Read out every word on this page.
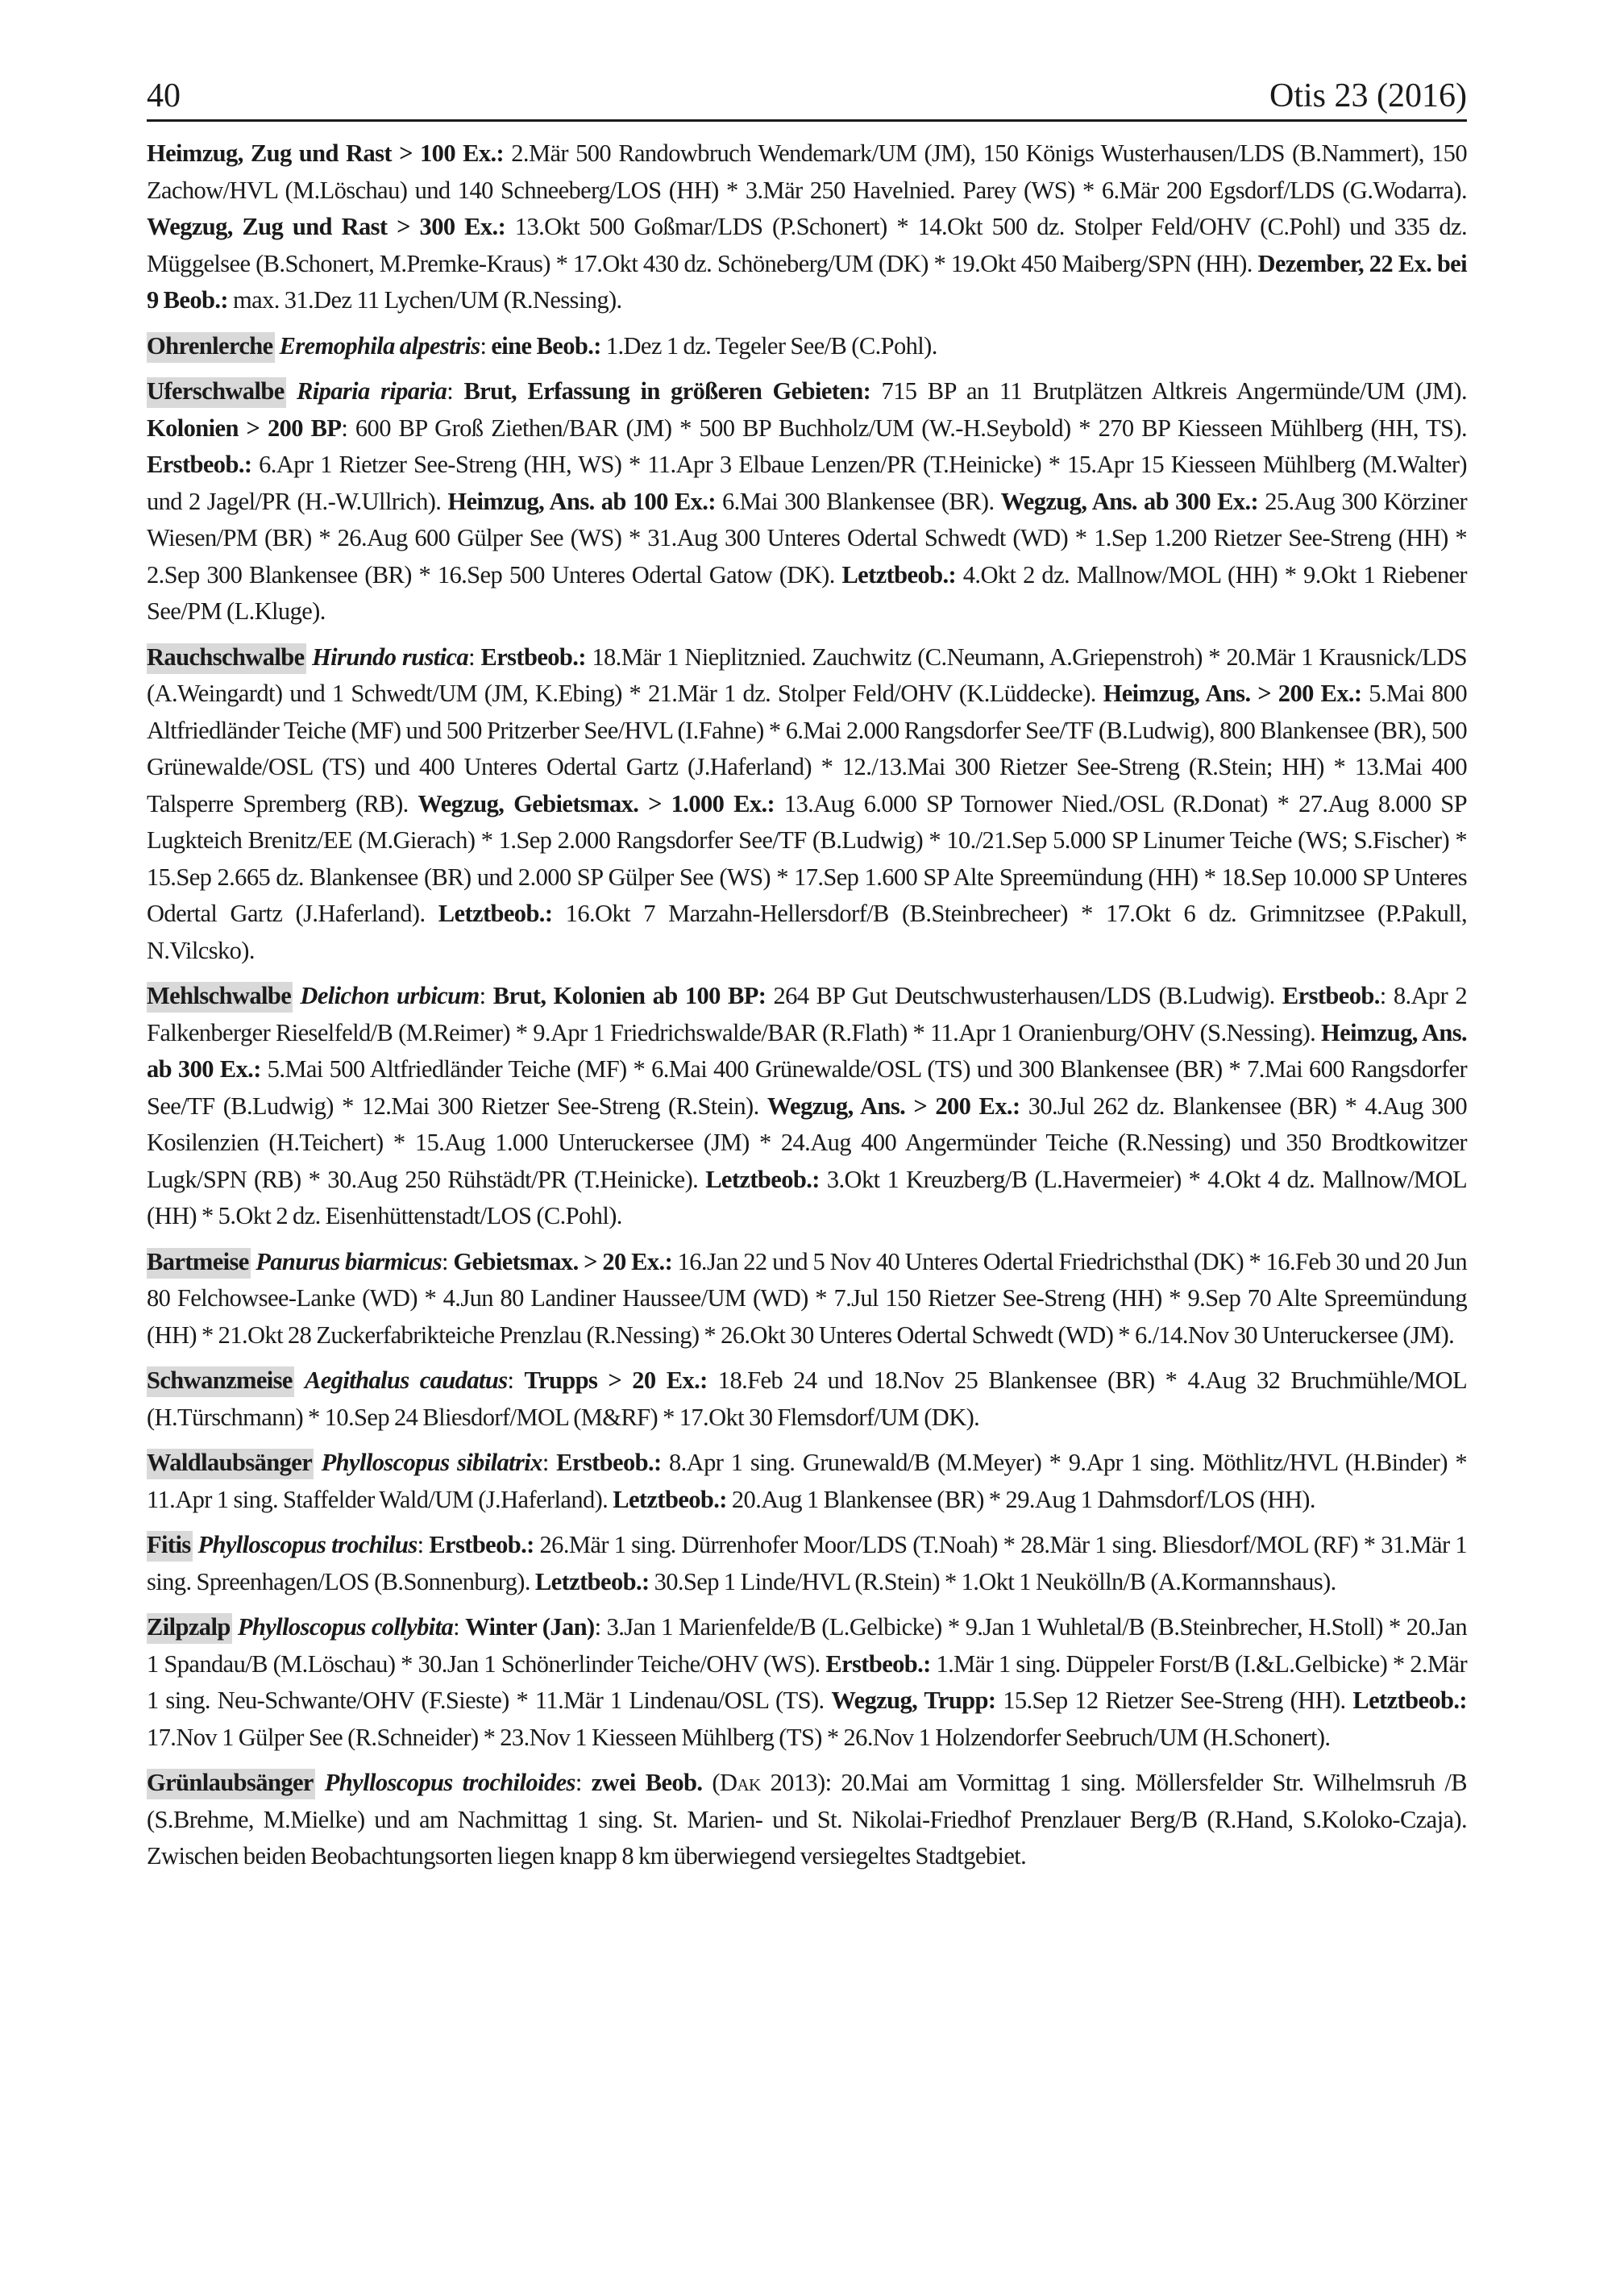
40	Otis 23 (2016)

Heimzug, Zug und Rast > 100 Ex.: 2.Mär 500 Randowbruch Wendemark/UM (JM), 150 Königs Wusterhausen/LDS (B.Nammert), 150 Zachow/HVL (M.Löschau) und 140 Schneeberg/LOS (HH) * 3.Mär 250 Havelnied. Parey (WS) * 6.Mär 200 Egsdorf/LDS (G.Wodarra). Wegzug, Zug und Rast > 300 Ex.: 13.Okt 500 Goßmar/LDS (P.Schonert) * 14.Okt 500 dz. Stolper Feld/OHV (C.Pohl) und 335 dz. Müggelsee (B.Schonert, M.Premke-Kraus) * 17.Okt 430 dz. Schöneberg/UM (DK) * 19.Okt 450 Maiberg/SPN (HH). Dezember, 22 Ex. bei 9 Beob.: max. 31.Dez 11 Lychen/UM (R.Nessing).

Ohrenlerche Eremophila alpestris: eine Beob.: 1.Dez 1 dz. Tegeler See/B (C.Pohl).

Uferschwalbe Riparia riparia: Brut, Erfassung in größeren Gebieten: 715 BP an 11 Brutplätzen Altkreis Angermünde/UM (JM). Kolonien > 200 BP: 600 BP Groß Ziethen/BAR (JM) * 500 BP Buchholz/UM (W.-H.Seybold) * 270 BP Kiesseen Mühlberg (HH, TS). Erstbeob.: 6.Apr 1 Rietzer See-Streng (HH, WS) * 11.Apr 3 Elbaue Lenzen/PR (T.Heinicke) * 15.Apr 15 Kiesseen Mühlberg (M.Walter) und 2 Jagel/PR (H.-W.Ullrich). Heimzug, Ans. ab 100 Ex.: 6.Mai 300 Blankensee (BR). Wegzug, Ans. ab 300 Ex.: 25.Aug 300 Körziner Wiesen/PM (BR) * 26.Aug 600 Gülper See (WS) * 31.Aug 300 Unteres Odertal Schwedt (WD) * 1.Sep 1.200 Rietzer See-Streng (HH) * 2.Sep 300 Blankensee (BR) * 16.Sep 500 Unteres Odertal Gatow (DK). Letztbeob.: 4.Okt 2 dz. Mallnow/MOL (HH) * 9.Okt 1 Riebener See/PM (L.Kluge).

Rauchschwalbe Hirundo rustica: Erstbeob.: 18.Mär 1 Nieplitznied. Zauchwitz (C.Neumann, A.Griepenstroh) * 20.Mär 1 Krausnick/LDS (A.Weingardt) und 1 Schwedt/UM (JM, K.Ebing) * 21.Mär 1 dz. Stolper Feld/OHV (K.Lüddecke). Heimzug, Ans. > 200 Ex.: 5.Mai 800 Altfriedländer Teiche (MF) und 500 Pritzerber See/HVL (I.Fahne) * 6.Mai 2.000 Rangsdorfer See/TF (B.Ludwig), 800 Blankensee (BR), 500 Grünewalde/OSL (TS) und 400 Unteres Odertal Gartz (J.Haferland) * 12./13.Mai 300 Rietzer See-Streng (R.Stein; HH) * 13.Mai 400 Talsperre Spremberg (RB). Wegzug, Gebietsmax. > 1.000 Ex.: 13.Aug 6.000 SP Tornower Nied./OSL (R.Donat) * 27.Aug 8.000 SP Lugkteich Brenitz/EE (M.Gierach) * 1.Sep 2.000 Rangsdorfer See/TF (B.Ludwig) * 10./21.Sep 5.000 SP Linumer Teiche (WS; S.Fischer) * 15.Sep 2.665 dz. Blankensee (BR) und 2.000 SP Gülper See (WS) * 17.Sep 1.600 SP Alte Spreemündung (HH) * 18.Sep 10.000 SP Unteres Odertal Gartz (J.Haferland). Letztbeob.: 16.Okt 7 Marzahn-Hellersdorf/B (B.Steinbrecheer) * 17.Okt 6 dz. Grimnitzsee (P.Pakull, N.Vilcsko).

Mehlschwalbe Delichon urbicum: Brut, Kolonien ab 100 BP: 264 BP Gut Deutschwusterhausen/LDS (B.Ludwig). Erstbeob.: 8.Apr 2 Falkenberger Rieselfeld/B (M.Reimer) * 9.Apr 1 Friedrichswalde/BAR (R.Flath) * 11.Apr 1 Oranienburg/OHV (S.Nessing). Heimzug, Ans. ab 300 Ex.: 5.Mai 500 Altfriedländer Teiche (MF) * 6.Mai 400 Grünewalde/OSL (TS) und 300 Blankensee (BR) * 7.Mai 600 Rangsdorfer See/TF (B.Ludwig) * 12.Mai 300 Rietzer See-Streng (R.Stein). Wegzug, Ans. > 200 Ex.: 30.Jul 262 dz. Blankensee (BR) * 4.Aug 300 Kosilenzien (H.Teichert) * 15.Aug 1.000 Unteruckersee (JM) * 24.Aug 400 Angermünder Teiche (R.Nessing) und 350 Brodtkowitzer Lugk/SPN (RB) * 30.Aug 250 Rühstädt/PR (T.Heinicke). Letztbeob.: 3.Okt 1 Kreuzberg/B (L.Havermeier) * 4.Okt 4 dz. Mallnow/MOL (HH) * 5.Okt 2 dz. Eisenhüttenstadt/LOS (C.Pohl).

Bartmeise Panurus biarmicus: Gebietsmax. > 20 Ex.: 16.Jan 22 und 5 Nov 40 Unteres Odertal Friedrichsthal (DK) * 16.Feb 30 und 20 Jun 80 Felchowsee-Lanke (WD) * 4.Jun 80 Landiner Haussee/UM (WD) * 7.Jul 150 Rietzer See-Streng (HH) * 9.Sep 70 Alte Spreemündung (HH) * 21.Okt 28 Zuckerfabrikteiche Prenzlau (R.Nessing) * 26.Okt 30 Unteres Odertal Schwedt (WD) * 6./14.Nov 30 Unteruckersee (JM).

Schwanzmeise Aegithalus caudatus: Trupps > 20 Ex.: 18.Feb 24 und 18.Nov 25 Blankensee (BR) * 4.Aug 32 Bruchmühle/MOL (H.Türschmann) * 10.Sep 24 Bliesdorf/MOL (M&RF) * 17.Okt 30 Flemsdorf/UM (DK).

Waldlaubsänger Phylloscopus sibilatrix: Erstbeob.: 8.Apr 1 sing. Grunewald/B (M.Meyer) * 9.Apr 1 sing. Möthlitz/HVL (H.Binder) * 11.Apr 1 sing. Staffelder Wald/UM (J.Haferland). Letztbeob.: 20.Aug 1 Blankensee (BR) * 29.Aug 1 Dahmsdorf/LOS (HH).

Fitis Phylloscopus trochilus: Erstbeob.: 26.Mär 1 sing. Dürrenhofer Moor/LDS (T.Noah) * 28.Mär 1 sing. Bliesdorf/MOL (RF) * 31.Mär 1 sing. Spreenhagen/LOS (B.Sonnenburg). Letztbeob.: 30.Sep 1 Linde/HVL (R.Stein) * 1.Okt 1 Neukölln/B (A.Kormannshaus).

Zilpzalp Phylloscopus collybita: Winter (Jan): 3.Jan 1 Marienfelde/B (L.Gelbicke) * 9.Jan 1 Wuhletal/B (B.Steinbrecher, H.Stoll) * 20.Jan 1 Spandau/B (M.Löschau) * 30.Jan 1 Schönerlinder Teiche/OHV (WS). Erstbeob.: 1.Mär 1 sing. Düppeler Forst/B (I.&L.Gelbicke) * 2.Mär 1 sing. Neu-Schwante/OHV (F.Sieste) * 11.Mär 1 Lindenau/OSL (TS). Wegzug, Trupp: 15.Sep 12 Rietzer See-Streng (HH). Letztbeob.: 17.Nov 1 Gülper See (R.Schneider) * 23.Nov 1 Kiesseen Mühlberg (TS) * 26.Nov 1 Holzendorfer Seebruch/UM (H.Schonert).

Grünlaubsänger Phylloscopus trochiloides: zwei Beob. (Dak 2013): 20.Mai am Vormittag 1 sing. Möllersfelder Str. Wilhelmsruh /B (S.Brehme, M.Mielke) und am Nachmittag 1 sing. St. Marien- und St. Nikolai-Friedhof Prenzlauer Berg/B (R.Hand, S.Koloko-Czaja). Zwischen beiden Beobachtungsorten liegen knapp 8 km überwiegend versiegeltes Stadtgebiet.
